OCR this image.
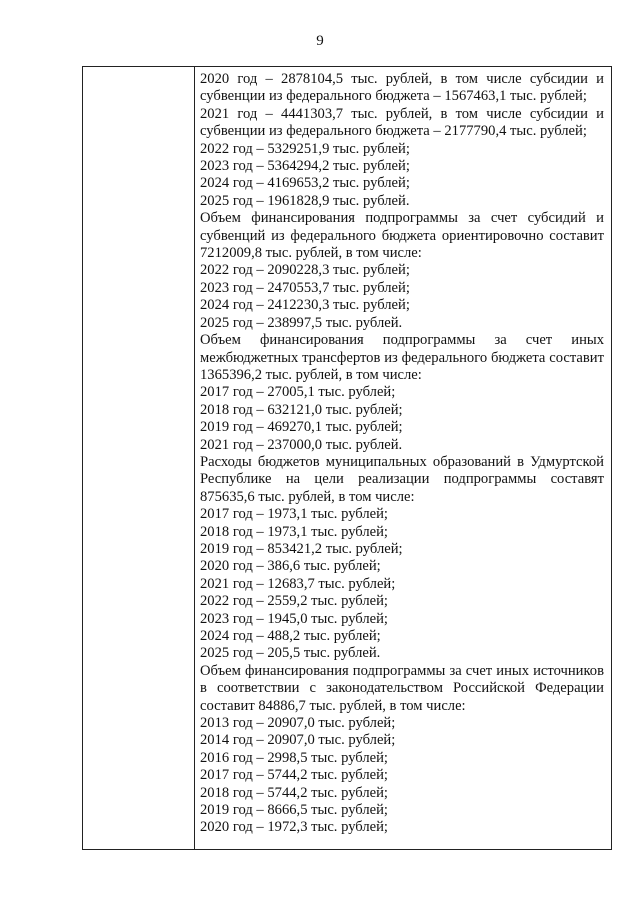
9

2020 год – 2878104,5 тыс. рублей, в том числе субсидии и субвенции из федерального бюджета – 1567463,1 тыс. рублей;

2021 год – 4441303,7 тыс. рублей, в том числе субсидии и субвенции из федерального бюджета – 2177790,4 тыс. рублей;

2022 год – 5329251,9 тыс. рублей;

2023 год – 5364294,2 тыс. рублей;

2024 год – 4169653,2 тыс. рублей;

2025 год – 1961828,9 тыс. рублей.

Объем финансирования подпрограммы за счет субсидий и субвенций из федерального бюджета ориентировочно составит 7212009,8 тыс. рублей, в том числе:

2022 год – 2090228,3 тыс. рублей;

2023 год – 2470553,7 тыс. рублей;

2024 год – 2412230,3 тыс. рублей;

2025 год – 238997,5 тыс. рублей.

Объем финансирования подпрограммы за счет иных межбюджетных трансфертов из федерального бюджета составит 1365396,2 тыс. рублей, в том числе:

2017 год – 27005,1 тыс. рублей;

2018 год – 632121,0 тыс. рублей;

2019 год – 469270,1 тыс. рублей;

2021 год – 237000,0 тыс. рублей.

Расходы бюджетов муниципальных образований в Удмуртской Республике на цели реализации подпрограммы составят 875635,6 тыс. рублей, в том числе:

2017 год – 1973,1 тыс. рублей;

2018 год – 1973,1 тыс. рублей;

2019 год – 853421,2 тыс. рублей;

2020 год – 386,6 тыс. рублей;

2021 год – 12683,7 тыс. рублей;

2022 год – 2559,2 тыс. рублей;

2023 год – 1945,0 тыс. рублей;

2024 год – 488,2 тыс. рублей;

2025 год – 205,5 тыс. рублей.

Объем финансирования подпрограммы за счет иных источников в соответствии с законодательством Российской Федерации составит 84886,7 тыс. рублей, в том числе:

2013 год – 20907,0 тыс. рублей;

2014 год – 20907,0 тыс. рублей;

2016 год – 2998,5 тыс. рублей;

2017 год – 5744,2 тыс. рублей;

2018 год – 5744,2 тыс. рублей;

2019 год – 8666,5 тыс. рублей;

2020 год – 1972,3 тыс. рублей;
